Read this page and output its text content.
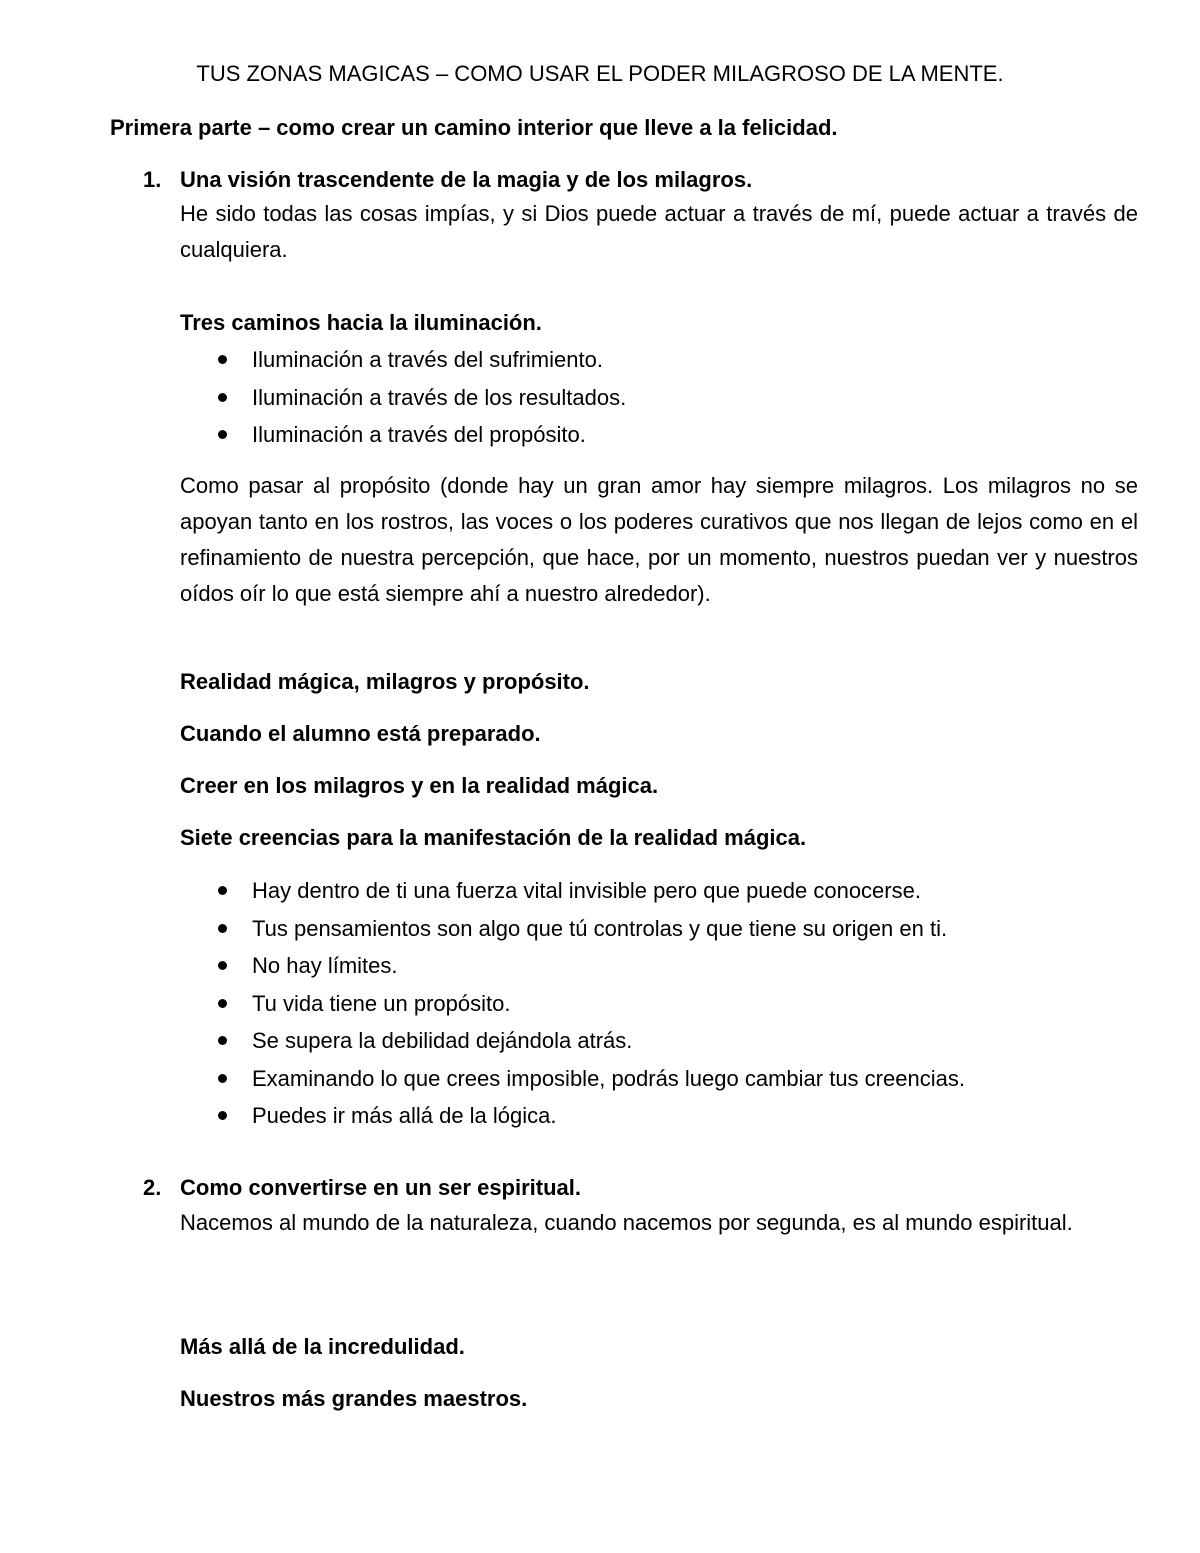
TUS ZONAS MAGICAS – COMO USAR EL PODER MILAGROSO DE LA MENTE.
Primera parte – como crear un camino interior que lleve a la felicidad.
1. Una visión trascendente de la magia y de los milagros.
He sido todas las cosas impías, y si Dios puede actuar a través de mí, puede actuar a través de cualquiera.
Tres caminos hacia la iluminación.
Iluminación a través del sufrimiento.
Iluminación a través de los resultados.
Iluminación a través del propósito.
Como pasar al propósito (donde hay un gran amor hay siempre milagros. Los milagros no se apoyan tanto en los rostros, las voces o los poderes curativos que nos llegan de lejos como en el refinamiento de nuestra percepción, que hace, por un momento, nuestros puedan ver y nuestros oídos oír lo que está siempre ahí a nuestro alrededor).
Realidad mágica, milagros y propósito.
Cuando el alumno está preparado.
Creer en los milagros y en la realidad mágica.
Siete creencias para la manifestación de la realidad mágica.
Hay dentro de ti una fuerza vital invisible pero que puede conocerse.
Tus pensamientos son algo que tú controlas y que tiene su origen en ti.
No hay límites.
Tu vida tiene un propósito.
Se supera la debilidad dejándola atrás.
Examinando lo que crees imposible, podrás luego cambiar tus creencias.
Puedes ir más allá de la lógica.
2. Como convertirse en un ser espiritual.
Nacemos al mundo de la naturaleza, cuando nacemos por segunda, es al mundo espiritual.
Más allá de la incredulidad.
Nuestros más grandes maestros.
